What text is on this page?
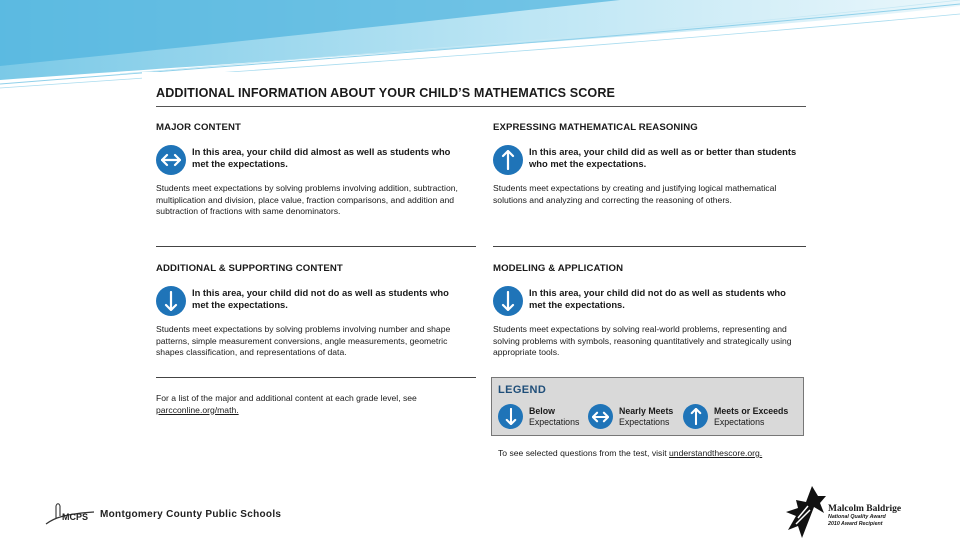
ADDITIONAL INFORMATION ABOUT YOUR CHILD’S MATHEMATICS SCORE
MAJOR CONTENT
In this area, your child did almost as well as students who met the expectations.
Students meet expectations by solving problems involving addition, subtraction, multiplication and division, place value, fraction comparisons, and addition and subtraction of fractions with same denominators.
EXPRESSING MATHEMATICAL REASONING
In this area, your child did as well as or better than students who met the expectations.
Students meet expectations by creating and justifying logical mathematical solutions and analyzing and correcting the reasoning of others.
ADDITIONAL & SUPPORTING CONTENT
In this area, your child did not do as well as students who met the expectations.
Students meet expectations by solving problems involving number and shape patterns, simple measurement conversions, angle measurements, geometric shapes classification, and representations of data.
MODELING & APPLICATION
In this area, your child did not do as well as students who met the expectations.
Students meet expectations by solving real-world problems, representing and solving problems with symbols, reasoning quantitatively and strategically using appropriate tools.
For a list of the major and additional content at each grade level, see
parcconline.org/math.
LEGEND
Below
Expectations
Nearly Meets
Expectations
Meets or Exceeds
Expectations
To see selected questions from the test, visit understandthescore.org.
MCPS Montgomery County Public Schools	Malcolm Baldrige
National Quality Award
2010 Award Recipient
